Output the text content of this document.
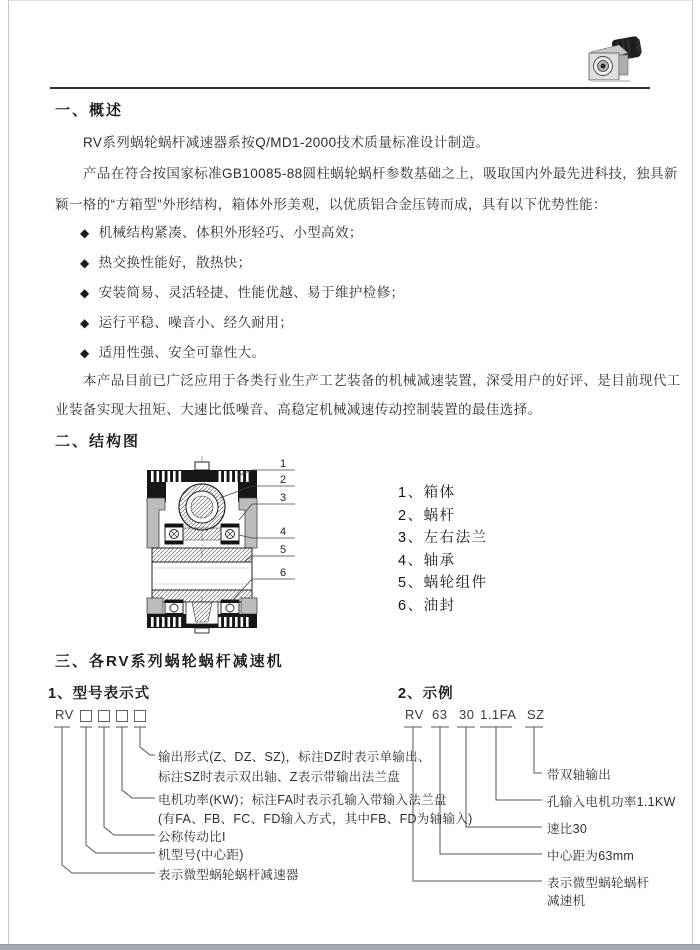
一、概述
RV系列蜗轮蜗杆减速器系按Q/MD1-2000技术质量标准设计制造。
产品在符合按国家标准GB10085-88圆柱蜗轮蜗杆参数基础之上，吸取国内外最先进科技，独具新
颖一格的“方箱型”外形结构，箱体外形美观，以优质铝合金压铸而成，具有以下优势性能：
◆ 机械结构紧凑、体积外形轻巧、小型高效；
◆ 热交换性能好，散热快；
◆ 安装简易、灵活轻捷、性能优越、易于维护检修；
◆ 运行平稳、噪音小、经久耐用；
◆ 适用性强、安全可靠性大。
本产品目前已广泛应用于各类行业生产工艺装备的机械减速装置，深受用户的好评、是目前现代工
业装备实现大扭矩、大速比低噪音、高稳定机械减速传动控制装置的最佳选择。
二、结构图
1
2
3
4
5
6
1、箱体
2、蜗杆
3、左右法兰
4、轴承
5、蜗轮组件
6、油封
三、各RV系列蜗轮蜗杆减速机
1、型号表示式	2、示例
RV	RV 63 30 1.1FA SZ
输出形式(Z、DZ、SZ)，标注DZ时表示单输出、
标注SZ时表示双出轴、Z表示带输出法兰盘
电机功率(KW)；标注FA时表示孔输入带输入法兰盘
(有FA、FB、FC、FD输入方式，其中FB、FD为轴输入)
公称传动比I
机型号(中心距)
表示微型蜗轮蜗杆减速器
带双轴输出
孔输入电机功率1.1KW
速比30
中心距为63mm
表示微型蜗轮蜗杆
减速机
